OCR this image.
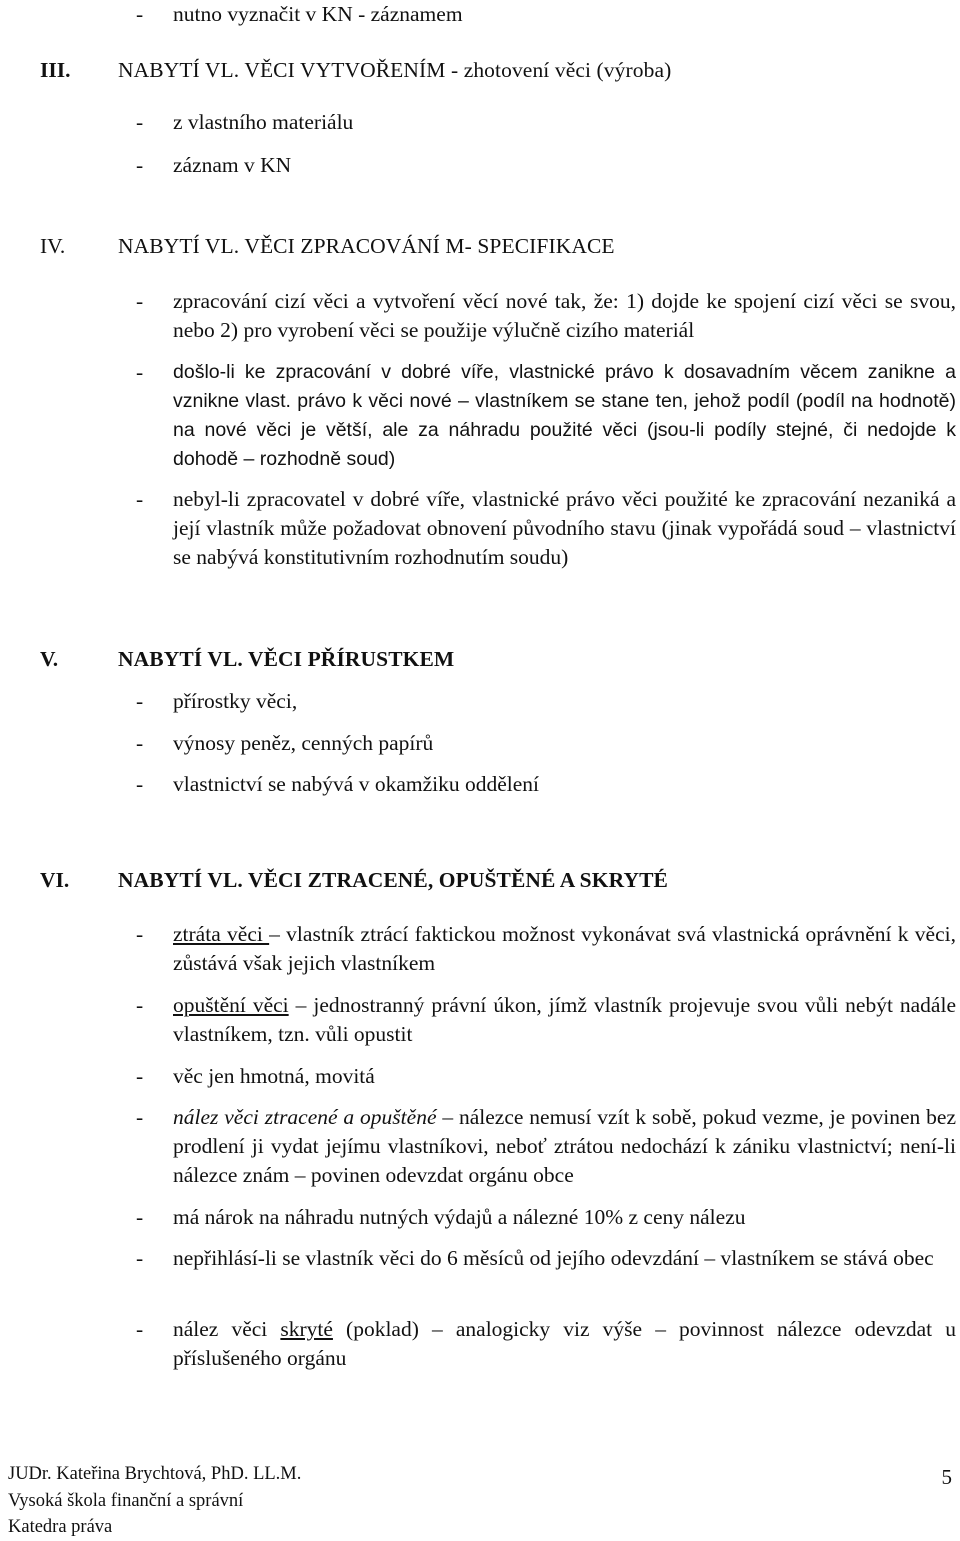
- nutno vyznačit v KN - záznamem
III. NABYTÍ VL. VĚCI VYTVOŘENÍM - zhotovení věci (výroba)
- z vlastního materiálu
- záznam v KN
IV. NABYTÍ VL. VĚCI ZPRACOVÁNÍ M- SPECIFIKACE
- zpracování cizí věci a vytvoření věcí nové tak, že: 1) dojde ke spojení cizí věci se svou, nebo 2) pro vyrobení věci se použije výlučně cizího materiál
- došlo-li ke zpracování v dobré víře, vlastnické právo k dosavadním věcem zanikne a vznikne vlast. právo k věci nové – vlastníkem se stane ten, jehož podíl (podíl na hodnotě) na nové věci je větší, ale za náhradu použité věci (jsou-li podíly stejné, či nedojde k dohodě – rozhodně soud)
- nebyl-li zpracovatel v dobré víře, vlastnické právo věci použité ke zpracování nezaniká a její vlastník může požadovat obnovení původního stavu (jinak vypořádá soud – vlastnictví se nabývá konstitutivním rozhodnutím soudu)
V.	NABYTÍ VL. VĚCI PŘÍRUSTKEM
- přírostky věci,
- výnosy peněz, cenných papírů
- vlastnictví se nabývá v okamžiku oddělení
VI. NABYTÍ VL. VĚCI ZTRACENÉ, OPUŠTĚNÉ A SKRYTÉ
- ztráta věci – vlastník ztrácí faktickou možnost vykonávat svá vlastnická oprávnění k věci, zůstává však jejich vlastníkem
- opuštění věci – jednostranný právní úkon, jímž vlastník projevuje svou vůli nebýt nadále vlastníkem, tzn. vůli opustit
- věc jen hmotná, movitá
- nález věci ztracené a opuštěné – nálezce nemusí vzít k sobě, pokud vezme, je povinen bez prodlení ji vydat jejímu vlastníkovi, neboť ztrátou nedochází k zániku vlastnictví; není-li nálezce znám – povinen odevzdat orgánu obce
- má nárok na náhradu nutných výdajů a nálezné 10% z ceny nálezu
- nepřihlásí-li se vlastník věci do 6 měsíců od jejího odevzdání – vlastníkem se stává obec
- nález věci skryté (poklad) – analogicky viz výše – povinnost nálezce odevzdat u příslušeného orgánu
JUDr. Kateřina Brychtová, PhD. LL.M.
Vysoká škola finanční a správní
Katedra práva
5
